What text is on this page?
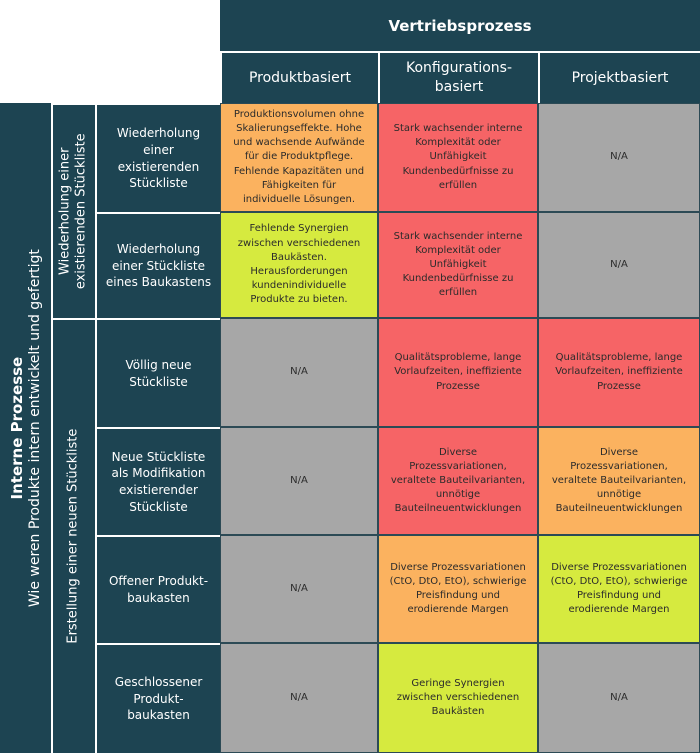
Vertriebsprozess
Produktbasiert
Konfigurations-
basiert
Projektbasiert
Interne Prozesse Wie weren Produkte intern entwickelt und gefertigt
Wiederholung einer
existierenden Stückliste
Erstellung einer neuen Stückliste
Wiederholung
einer
existierenden
Stückliste
Produktionsvolumen ohne
Skalierungseffekte. Hohe
und wachsende Aufwände
für die Produktpflege.
Fehlende Kapazitäten und
Fähigkeiten für
individuelle Lösungen.
Stark wachsender interne
Komplexität oder
Unfähigkeit
Kundenbedürfnisse zu
erfüllen
N/A
Wiederholung
einer Stückliste
eines Baukastens
Fehlende Synergien
zwischen verschiedenen
Baukästen.
Herausforderungen
kundenindividuelle
Produkte zu bieten.
Stark wachsender interne
Komplexität oder
Unfähigkeit
Kundenbedürfnisse zu
erfüllen
N/A
Völlig neue
Stückliste
N/A
Qualitätsprobleme, lange
Vorlaufzeiten, ineffiziente
Prozesse
Qualitätsprobleme, lange
Vorlaufzeiten, ineffiziente
Prozesse
Neue Stückliste
als Modifikation
existierender
Stückliste
N/A
Diverse
Prozessvariationen,
veraltete Bauteilvarianten,
unnötige
Bauteilneuentwicklungen
Diverse
Prozessvariationen,
veraltete Bauteilvarianten,
unnötige
Bauteilneuentwicklungen
Offener Produkt-
baukasten
N/A
Diverse Prozessvariationen
(CtO, DtO, EtO), schwierige
Preisfindung und
erodierende Margen
Diverse Prozessvariationen
(CtO, DtO, EtO), schwierige
Preisfindung und
erodierende Margen
Geschlossener
Produkt-
baukasten
N/A
Geringe Synergien
zwischen verschiedenen
Baukästen
N/A
